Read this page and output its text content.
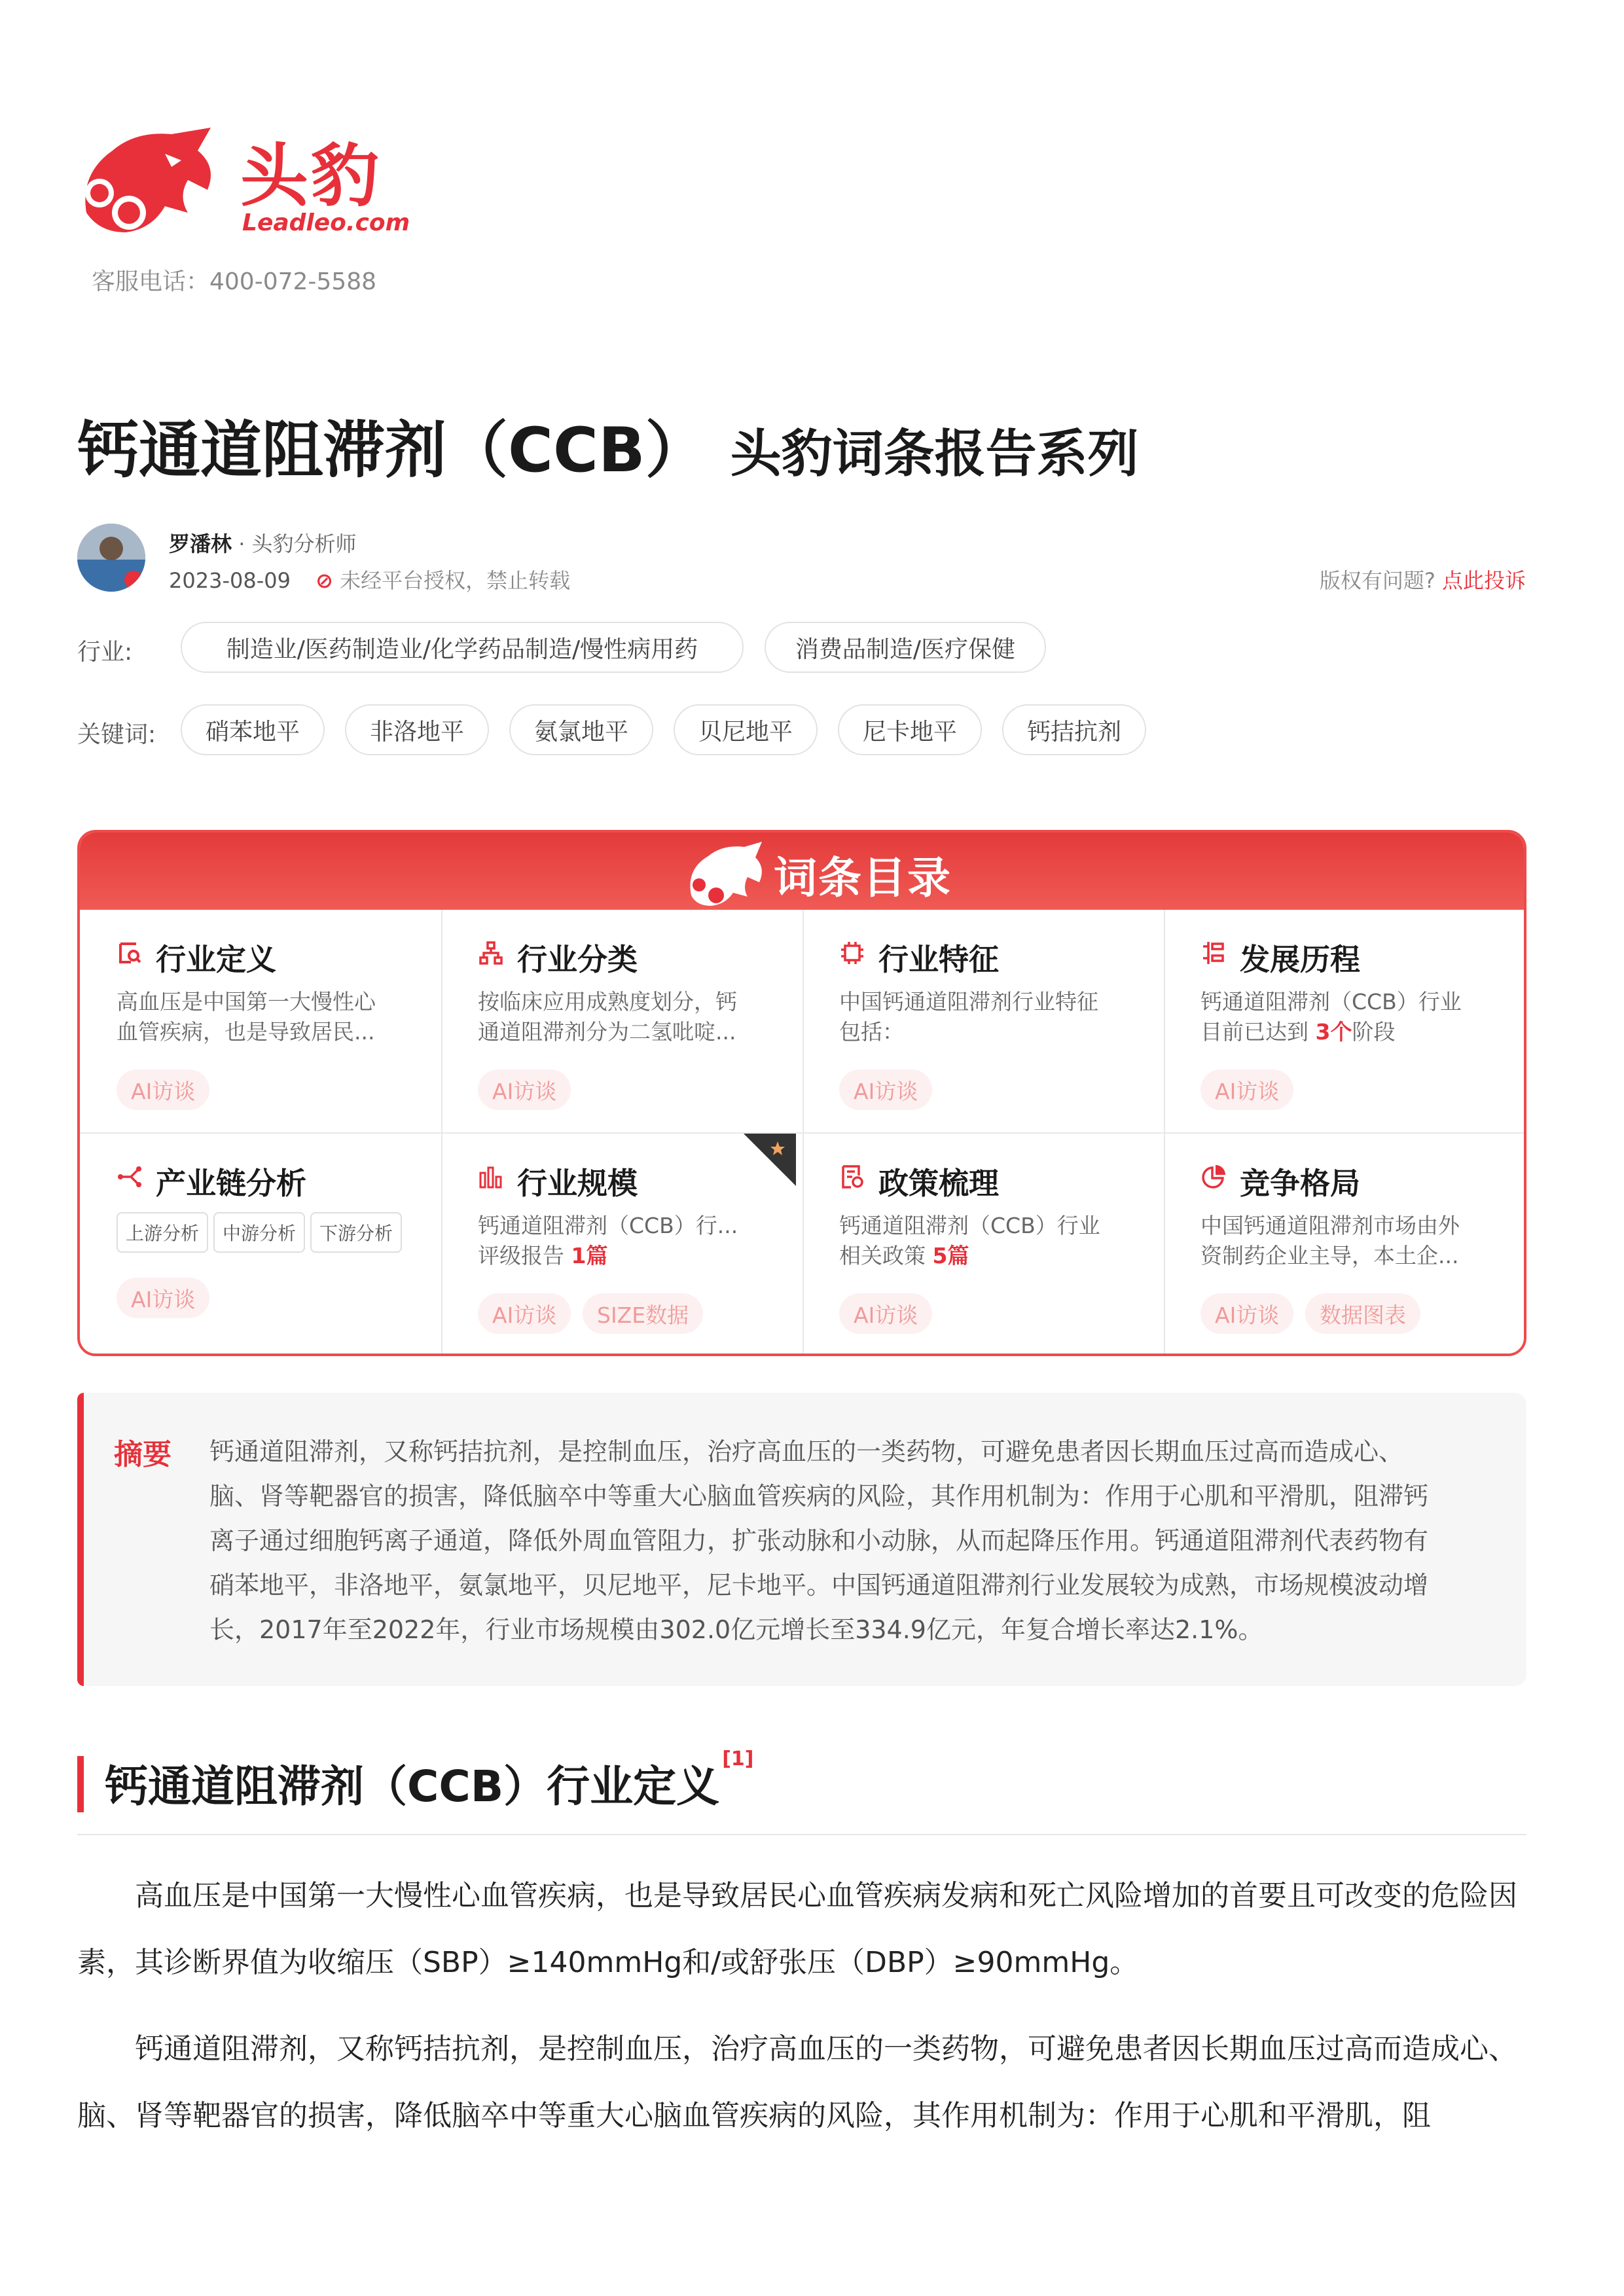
头豹
Leadleo.com
客服电话：400-072-5588
钙通道阻滞剂（CCB） 头豹词条报告系列
罗潘林 · 头豹分析师
2023-08-09 ⊘ 未经平台授权，禁止转载	版权有问题? 点此投诉
行业:	制造业/医药制造业/化学药品制造/慢性病用药	消费品制造/医疗保健
关键词:	硝苯地平	非洛地平	氨氯地平	贝尼地平	尼卡地平	钙拮抗剂
词条目录
行业定义
高血压是中国第一大慢性心
血管疾病，也是导致居民...
AI访谈
行业分类
按临床应用成熟度划分，钙
通道阻滞剂分为二氢吡啶...
AI访谈
行业特征
中国钙通道阻滞剂行业特征
包括：
AI访谈
发展历程
钙通道阻滞剂（CCB）行业
目前已达到 3个阶段
AI访谈
产业链分析
上游分析	中游分析	下游分析
AI访谈
行业规模
钙通道阻滞剂（CCB）行...
评级报告 1篇
AI访谈	SIZE数据
政策梳理
钙通道阻滞剂（CCB）行业
相关政策 5篇
AI访谈
竞争格局
中国钙通道阻滞剂市场由外
资制药企业主导，本土企...
AI访谈	数据图表
摘要 钙通道阻滞剂，又称钙拮抗剂，是控制血压，治疗高血压的一类药物，可避免患者因长期血压过高而造成心、
脑、肾等靶器官的损害，降低脑卒中等重大心脑血管疾病的风险，其作用机制为：作用于心肌和平滑肌，阻滞钙
离子通过细胞钙离子通道，降低外周血管阻力，扩张动脉和小动脉，从而起降压作用。钙通道阻滞剂代表药物有
硝苯地平，非洛地平，氨氯地平，贝尼地平，尼卡地平。中国钙通道阻滞剂行业发展较为成熟，市场规模波动增
长，2017年至2022年，行业市场规模由302.0亿元增长至334.9亿元，年复合增长率达2.1%。
钙通道阻滞剂（CCB）行业定义[1]
高血压是中国第一大慢性心血管疾病，也是导致居民心血管疾病发病和死亡风险增加的首要且可改变的危险因素，其诊断界值为收缩压（SBP）≥140mmHg和/或舒张压（DBP）≥90mmHg。
钙通道阻滞剂，又称钙拮抗剂，是控制血压，治疗高血压的一类药物，可避免患者因长期血压过高而造成心、脑、肾等靶器官的损害，降低脑卒中等重大心脑血管疾病的风险，其作用机制为：作用于心肌和平滑肌，阻
